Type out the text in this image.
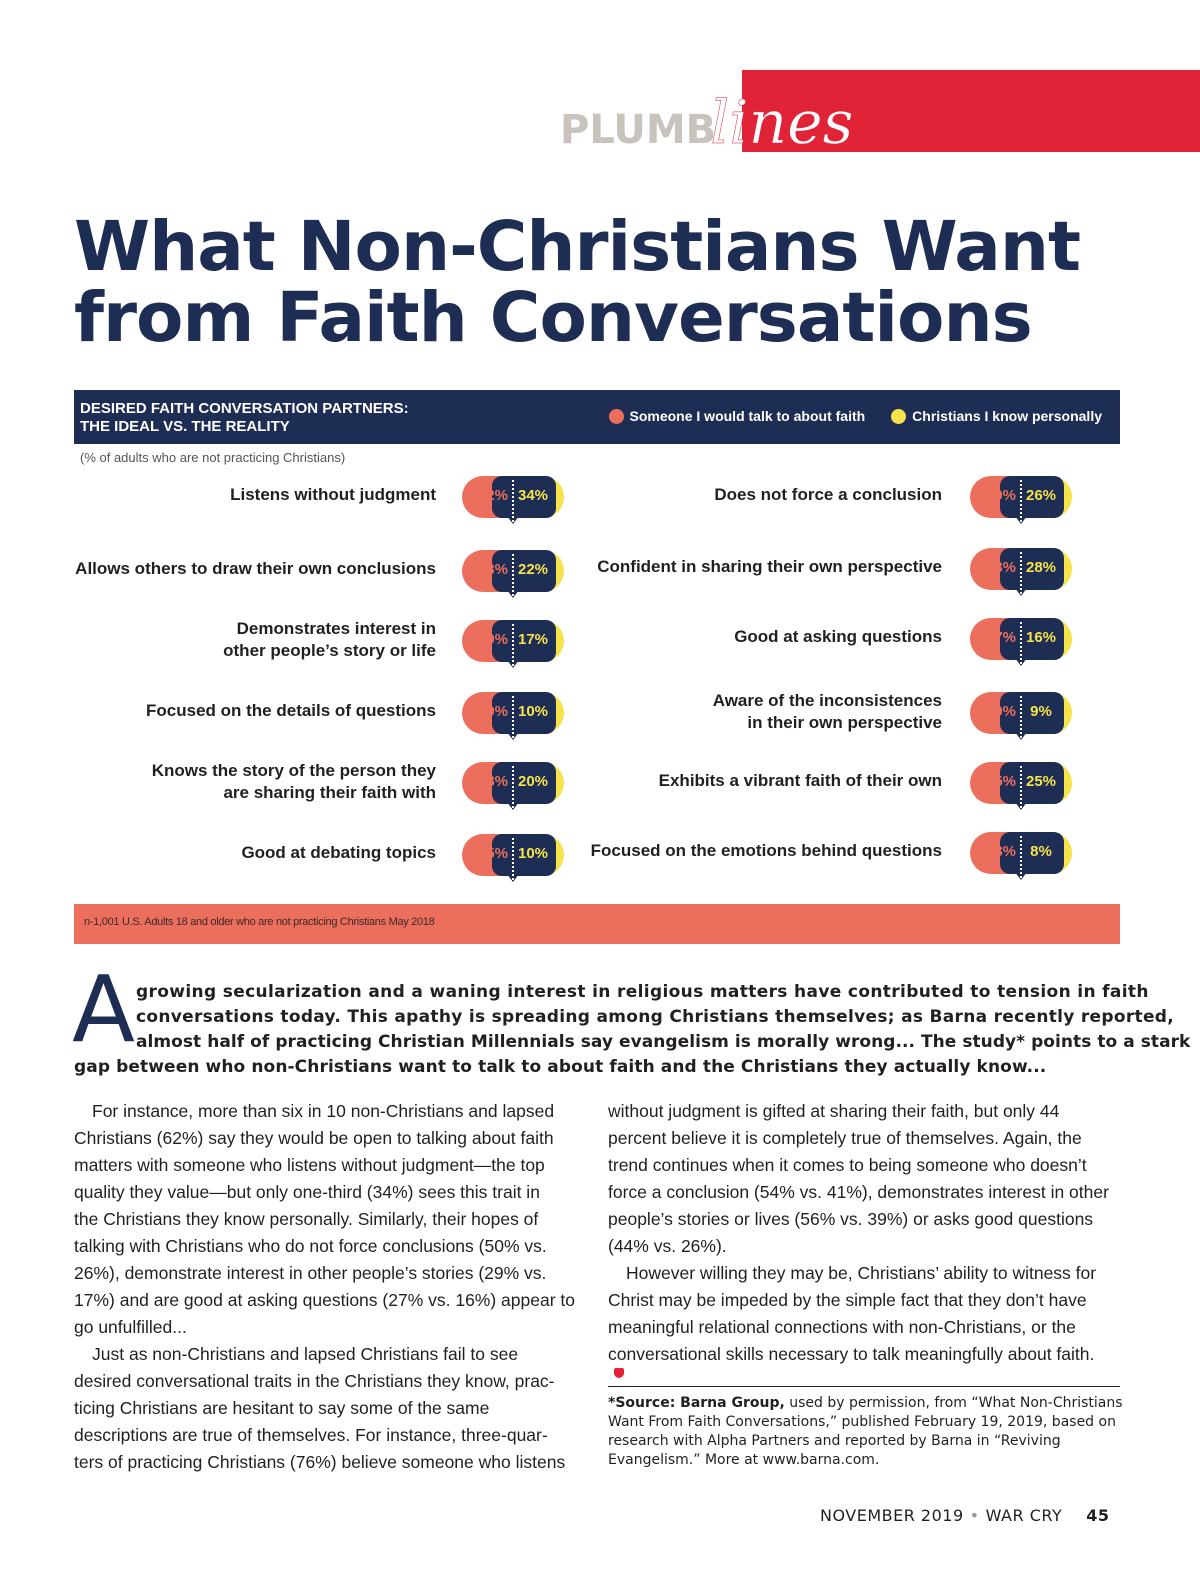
PLUMBlines
What Non-Christians Want
from Faith Conversations
DESIRED FAITH CONVERSATION PARTNERS:
THE IDEAL VS. THE REALITY
Someone I would talk to about faith	Christians I know personally
(% of adults who are not practicing Christians)
Listens without judgment	62% 34%
Allows others to draw their own conclusions	43% 22%
Demonstrates interest in
other people’s story or life
29% 17%
Focused on the details of questions	20% 10%
Knows the story of the person they
are sharing their faith with
18% 20%
Good at debating topics	15% 10%
Does not force a conclusion	50% 26%
Confident in sharing their own perspective	33% 28%
Good at asking questions	27% 16%
Aware of the inconsistences
in their own perspective
20% 9%
Exhibits a vibrant faith of their own	15% 25%
Focused on the emotions behind questions	13% 8%
n-1,001 U.S. Adults 18 and older who are not practicing Christians May 2018
A growing secularization and a waning interest in religious matters have contributed to tension in faith
conversations today. This apathy is spreading among Christians themselves; as Barna recently reported,
almost half of practicing Christian Millennials say evangelism is morally wrong... The study* points to a stark
gap between who non-Christians want to talk to about faith and the Christians they actually know...
For instance, more than six in 10 non-Christians and lapsed
Christians (62%) say they would be open to talking about faith
matters with someone who listens without judgment—the top
quality they value—but only one-third (34%) sees this trait in
the Christians they know personally. Similarly, their hopes of
talking with Christians who do not force conclusions (50% vs.
26%), demonstrate interest in other people’s stories (29% vs.
17%) and are good at asking questions (27% vs. 16%) appear to
go unfulfilled...
Just as non-Christians and lapsed Christians fail to see
desired conversational traits in the Christians they know, prac-
ticing Christians are hesitant to say some of the same
descriptions are true of themselves. For instance, three-quar-
ters of practicing Christians (76%) believe someone who listens
without judgment is gifted at sharing their faith, but only 44
percent believe it is completely true of themselves. Again, the
trend continues when it comes to being someone who doesn’t
force a conclusion (54% vs. 41%), demonstrates interest in other
people’s stories or lives (56% vs. 39%) or asks good questions
(44% vs. 26%).
However willing they may be, Christians’ ability to witness for
Christ may be impeded by the simple fact that they don’t have
meaningful relational connections with non-Christians, or the
conversational skills necessary to talk meaningfully about faith.
*Source: Barna Group, used by permission, from “What Non-Christians
Want From Faith Conversations,” published February 19, 2019, based on
research with Alpha Partners and reported by Barna in “Reviving
Evangelism.” More at www.barna.com.
NOVEMBER 2019 • WAR CRY 45
